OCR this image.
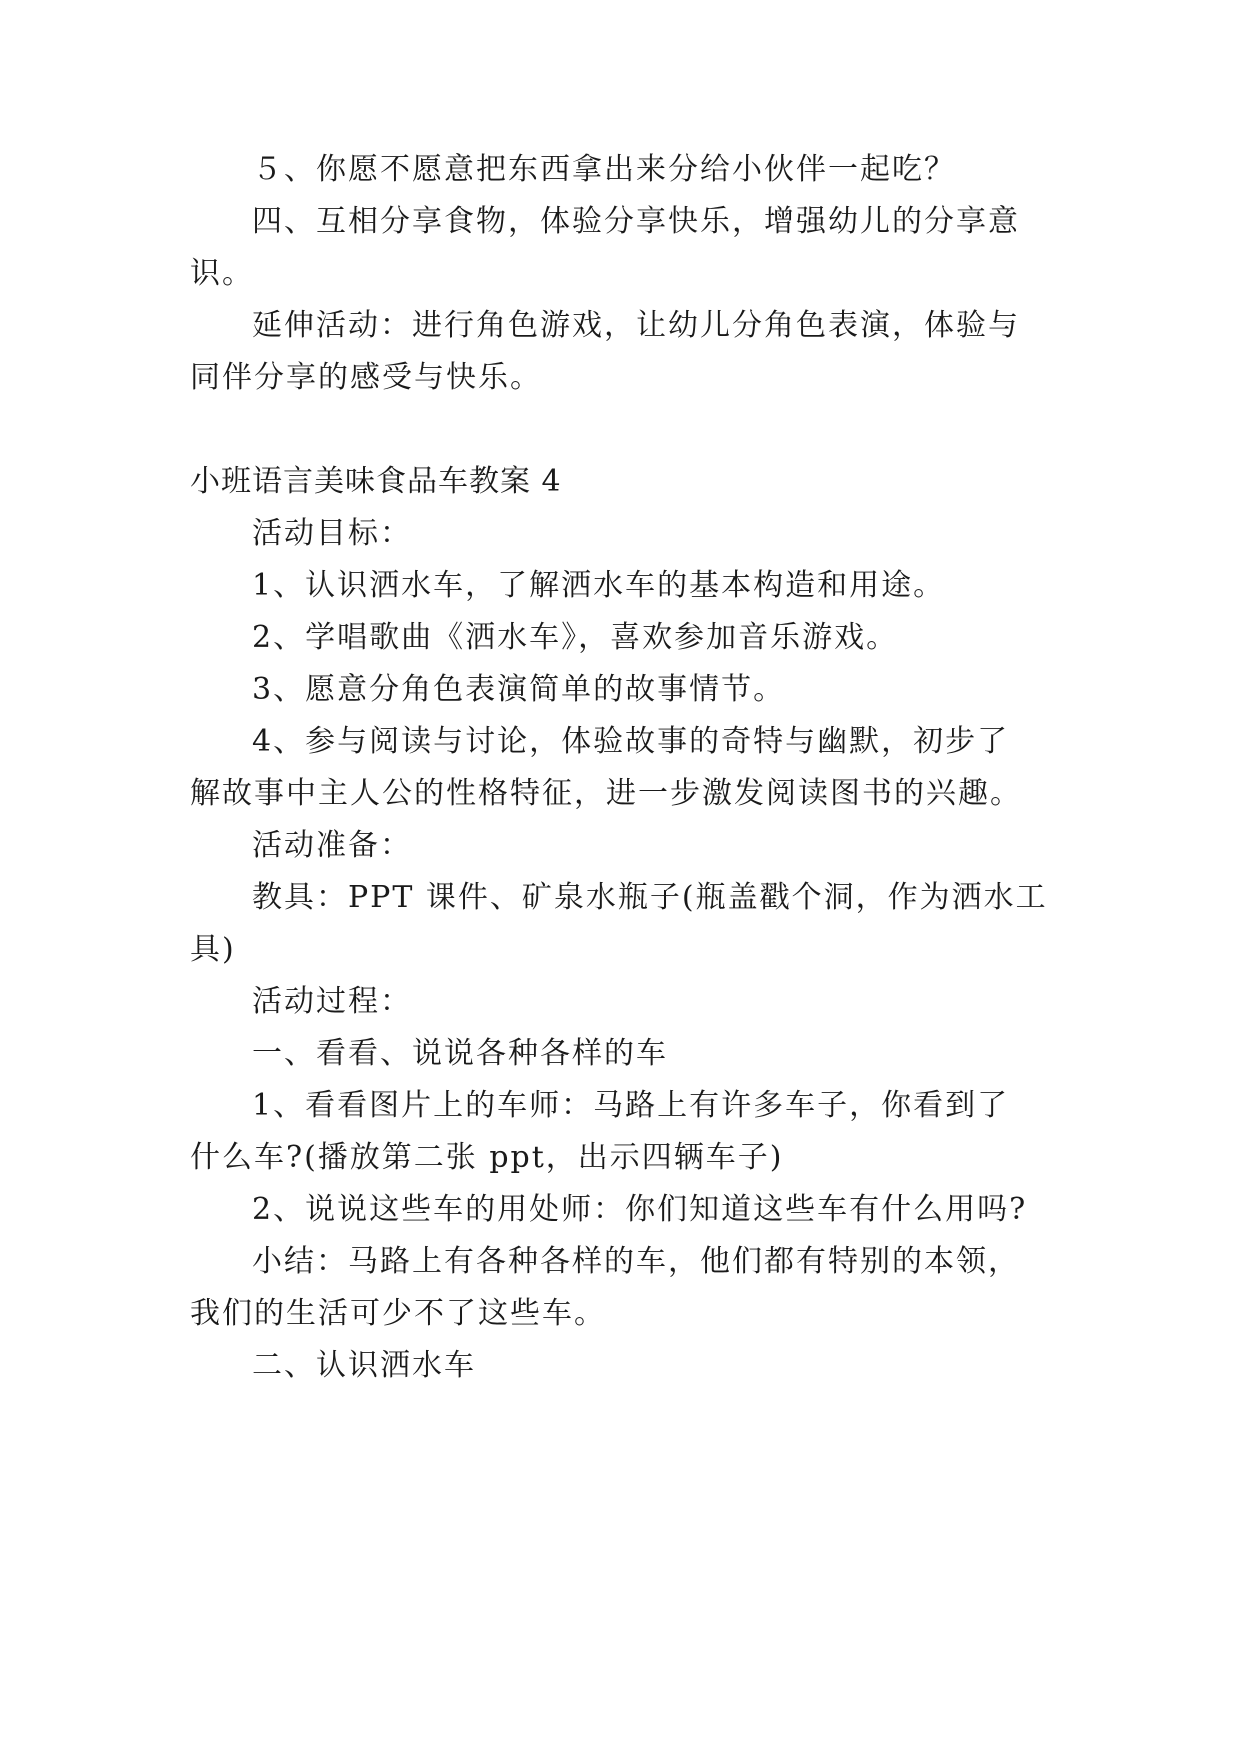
５、你愿不愿意把东西拿出来分给小伙伴一起吃？
四、互相分享食物，体验分享快乐，增强幼儿的分享意
识。
延伸活动：进行角色游戏，让幼儿分角色表演，体验与
同伴分享的感受与快乐。
小班语言美味食品车教案 4
活动目标：
1、认识洒水车，了解洒水车的基本构造和用途。
2、学唱歌曲《洒水车》，喜欢参加音乐游戏。
3、愿意分角色表演简单的故事情节。
4、参与阅读与讨论，体验故事的奇特与幽默，初步了
解故事中主人公的性格特征，进一步激发阅读图书的兴趣。
活动准备：
教具：PPT 课件、矿泉水瓶子(瓶盖戳个洞，作为洒水工
具)
活动过程：
一、看看、说说各种各样的车
1、看看图片上的车师：马路上有许多车子，你看到了
什么车?(播放第二张 ppt，出示四辆车子)
2、说说这些车的用处师：你们知道这些车有什么用吗?
小结：马路上有各种各样的车，他们都有特别的本领，
我们的生活可少不了这些车。
二、认识洒水车
